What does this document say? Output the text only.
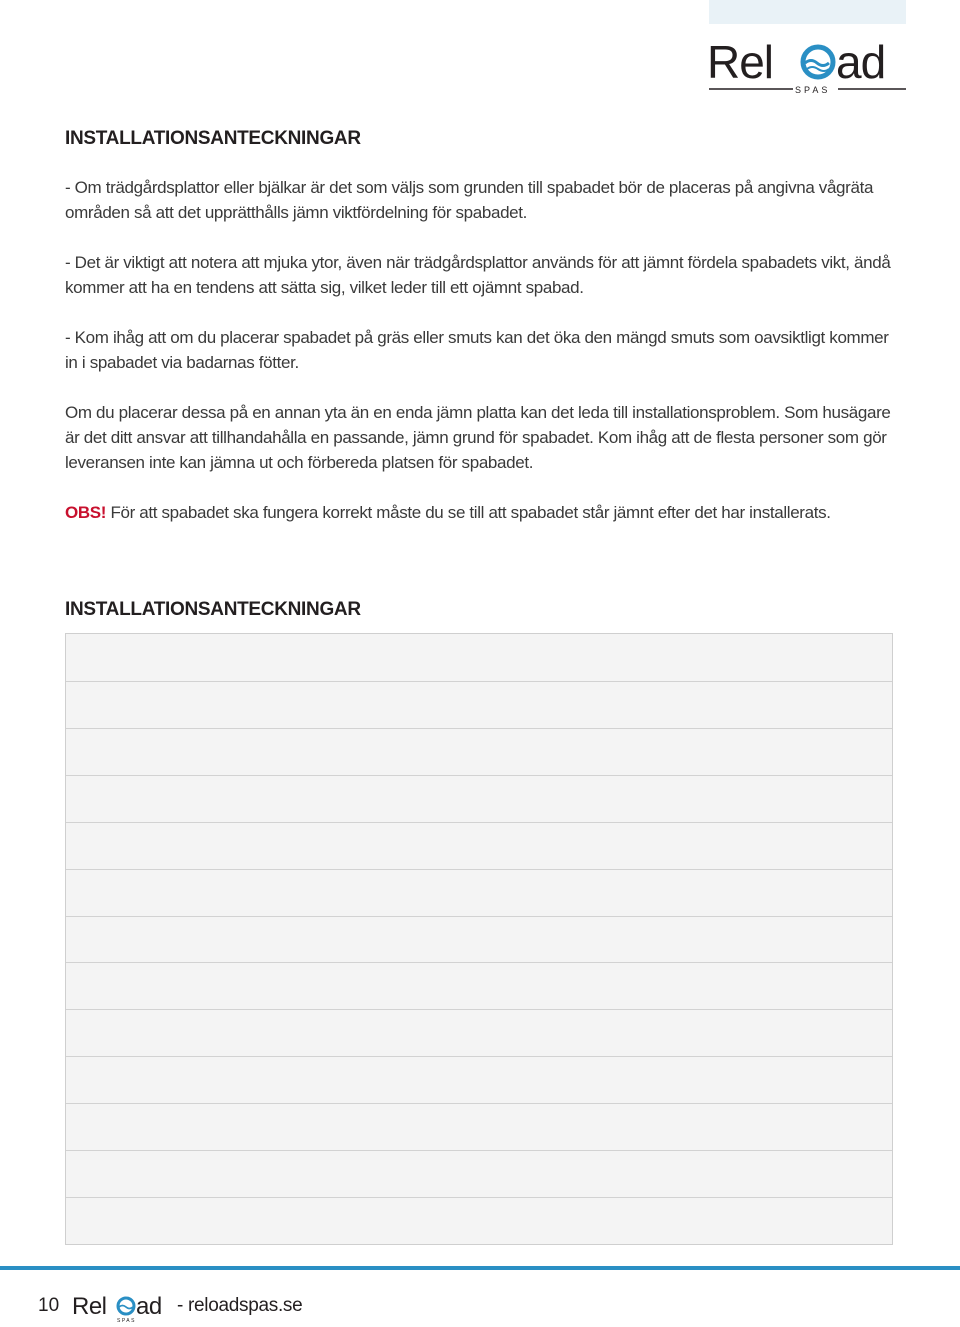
Rel ad
SPAS
INSTALLATIONSANTECKNINGAR

- Om trädgårdsplattor eller bjälkar är det som väljs som grunden till spabadet bör de placeras på angivna vågräta områden så att det upprätthålls jämn viktfördelning för spabadet.

- Det är viktigt att notera att mjuka ytor, även när trädgårdsplattor används för att jämnt fördela spabadets vikt, ändå kommer att ha en tendens att sätta sig, vilket leder till ett ojämnt spabad.

- Kom ihåg att om du placerar spabadet på gräs eller smuts kan det öka den mängd smuts som oavsiktligt kommer in i spabadet via badarnas fötter.

Om du placerar dessa på en annan yta än en enda jämn platta kan det leda till installationsproblem. Som husägare är det ditt ansvar att tillhandahålla en passande, jämn grund för spabadet. Kom ihåg att de flesta personer som gör leveransen inte kan jämna ut och förbereda platsen för spabadet.

OBS! För att spabadet ska fungera korrekt måste du se till att spabadet står jämnt efter det har installerats.

INSTALLATIONSANTECKNINGAR
10 Rel ad
SPAS
- reloadspas.se
